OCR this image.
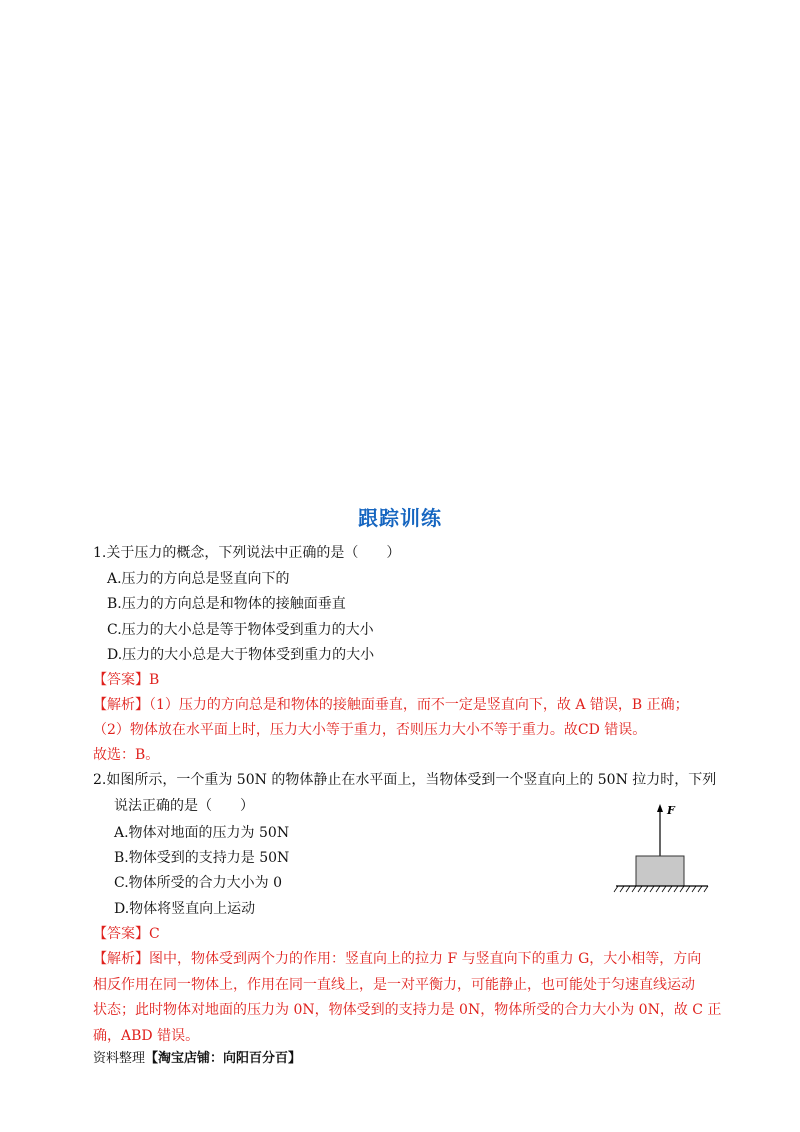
跟踪训练
1.关于压力的概念，下列说法中正确的是（　　）
A.压力的方向总是竖直向下的
B.压力的方向总是和物体的接触面垂直
C.压力的大小总是等于物体受到重力的大小
D.压力的大小总是大于物体受到重力的大小
【答案】B
【解析】（1）压力的方向总是和物体的接触面垂直，而不一定是竖直向下，故 A 错误，B 正确；
（2）物体放在水平面上时，压力大小等于重力，否则压力大小不等于重力。故CD 错误。
故选：B。
2.如图所示，一个重为 50N 的物体静止在水平面上，当物体受到一个竖直向上的 50N 拉力时，下列
说法正确的是（　　）
A.物体对地面的压力为 50N
B.物体受到的支持力是 50N
C.物体所受的合力大小为 0
D.物体将竖直向上运动
F
【答案】C
【解析】图中，物体受到两个力的作用：竖直向上的拉力 F 与竖直向下的重力 G，大小相等，方向
相反作用在同一物体上，作用在同一直线上，是一对平衡力，可能静止，也可能处于匀速直线运动
状态；此时物体对地面的压力为 0N，物体受到的支持力是 0N，物体所受的合力大小为 0N，故 C 正
确，ABD 错误。
资料整理【淘宝店铺：向阳百分百】
